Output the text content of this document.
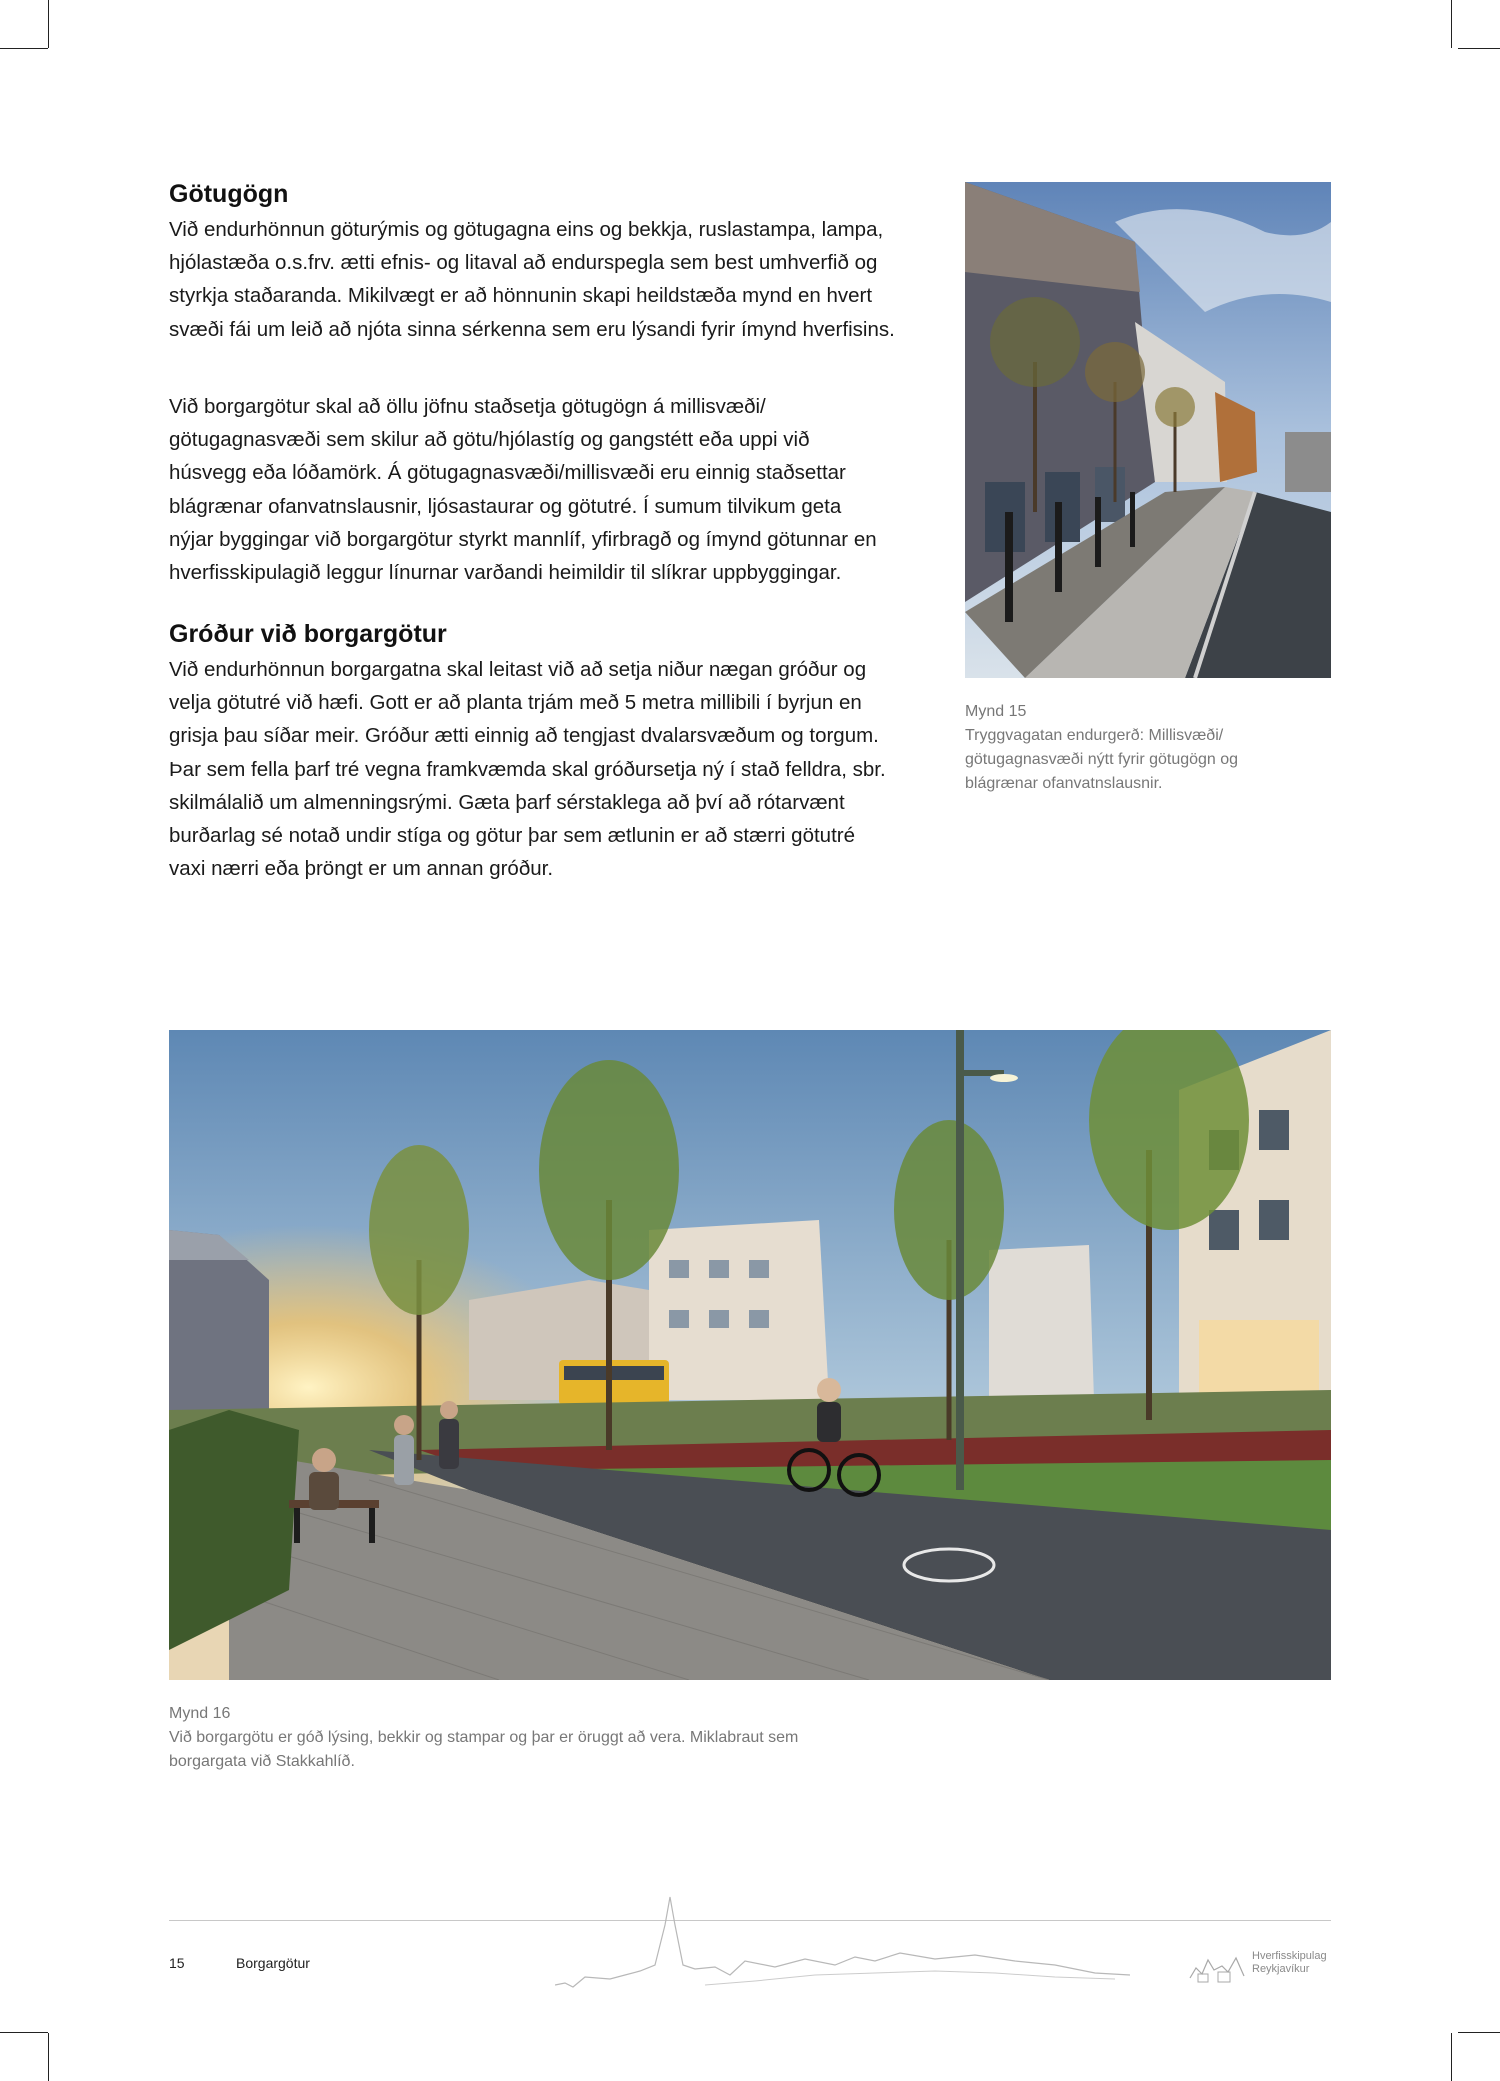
Götugögn
Við endurhönnun göturýmis og götugagna eins og bekkja, ruslastampa, lampa,
hjólastæða o.s.frv. ætti efnis- og litaval að endurspegla sem best umhverfið og
styrkja staðaranda. Mikilvægt er að hönnunin skapi heildstæða mynd en hvert
svæði fái um leið að njóta sinna sérkenna sem eru lýsandi fyrir ímynd hverfisins.
Við borgargötur skal að öllu jöfnu staðsetja götugögn á millisvæði/
götugagnasvæði sem skilur að götu/hjólastíg og gangstétt eða uppi við
húsvegg eða lóðamörk. Á götugagnasvæði/millisvæði eru einnig staðsettar
blágrænar ofanvatnslausnir, ljósastaurar og götutré. Í sumum tilvikum geta
nýjar byggingar við borgargötur styrkt mannlíf, yfirbragð og ímynd götunnar en
hverfisskipulagið leggur línurnar varðandi heimildir til slíkrar uppbyggingar.
Gróður við borgargötur
Við endurhönnun borgargatna skal leitast við að setja niður nægan gróður og
velja götutré við hæfi. Gott er að planta trjám með 5 metra millibili í byrjun en
grisja þau síðar meir. Gróður ætti einnig að tengjast dvalarsvæðum og torgum.
Þar sem fella þarf tré vegna framkvæmda skal gróðursetja ný í stað felldra, sbr.
skilmálalið um almenningsrými. Gæta þarf sérstaklega að því að rótarvænt
burðarlag sé notað undir stíga og götur þar sem ætlunin er að stærri götutré
vaxi nærri eða þröngt er um annan gróður.
Mynd 15
Tryggvagatan endurgerð: Millisvæði/
götugagnasvæði nýtt fyrir götugögn og
blágrænar ofanvatnslausnir.
Mynd 16
Við borgargötu er góð lýsing, bekkir og stampar og þar er öruggt að vera. Miklabraut sem
borgargata við Stakkahlíð.
15	Borgargötur	Hverfisskipulag
Reykjavíkur
